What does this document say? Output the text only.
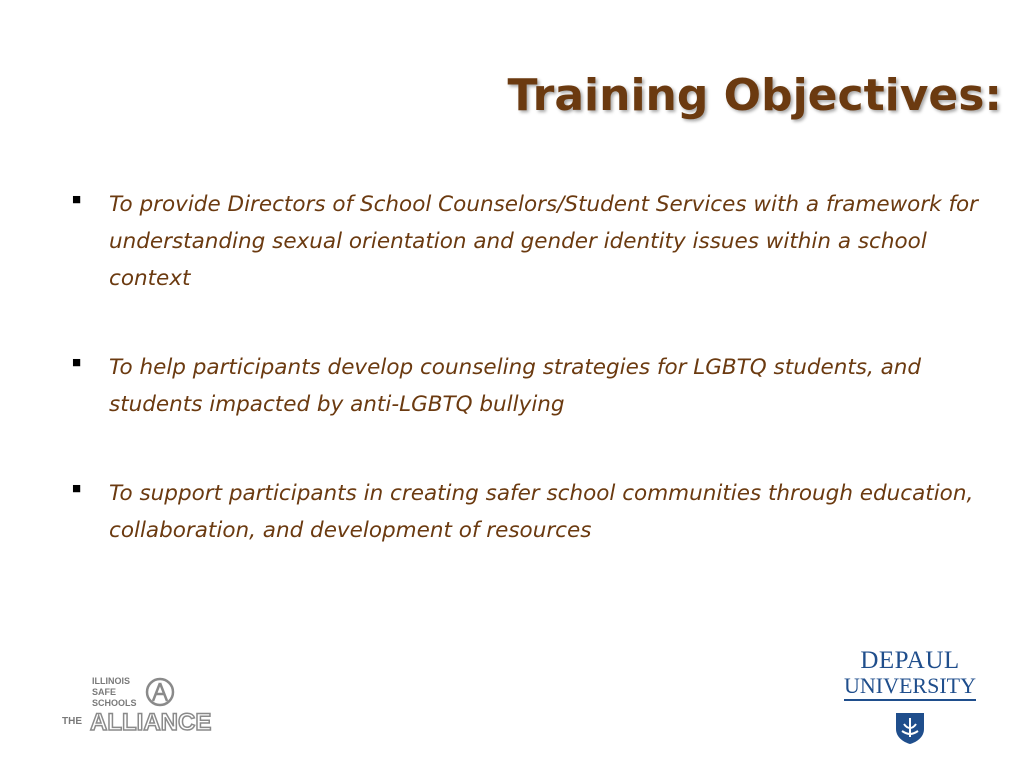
Training Objectives:
■	To provide Directors of School Counselors/Student Services with a framework for understanding sexual orientation and gender identity issues within a school context
■	To help participants develop counseling strategies for LGBTQ students, and students impacted by anti-LGBTQ bullying
■	To support participants in creating safer school communities through education, collaboration, and development of resources
ILLINOIS
SAFE
SCHOOLS
THE ALLIANCE
DEPAUL
UNIVERSITY
